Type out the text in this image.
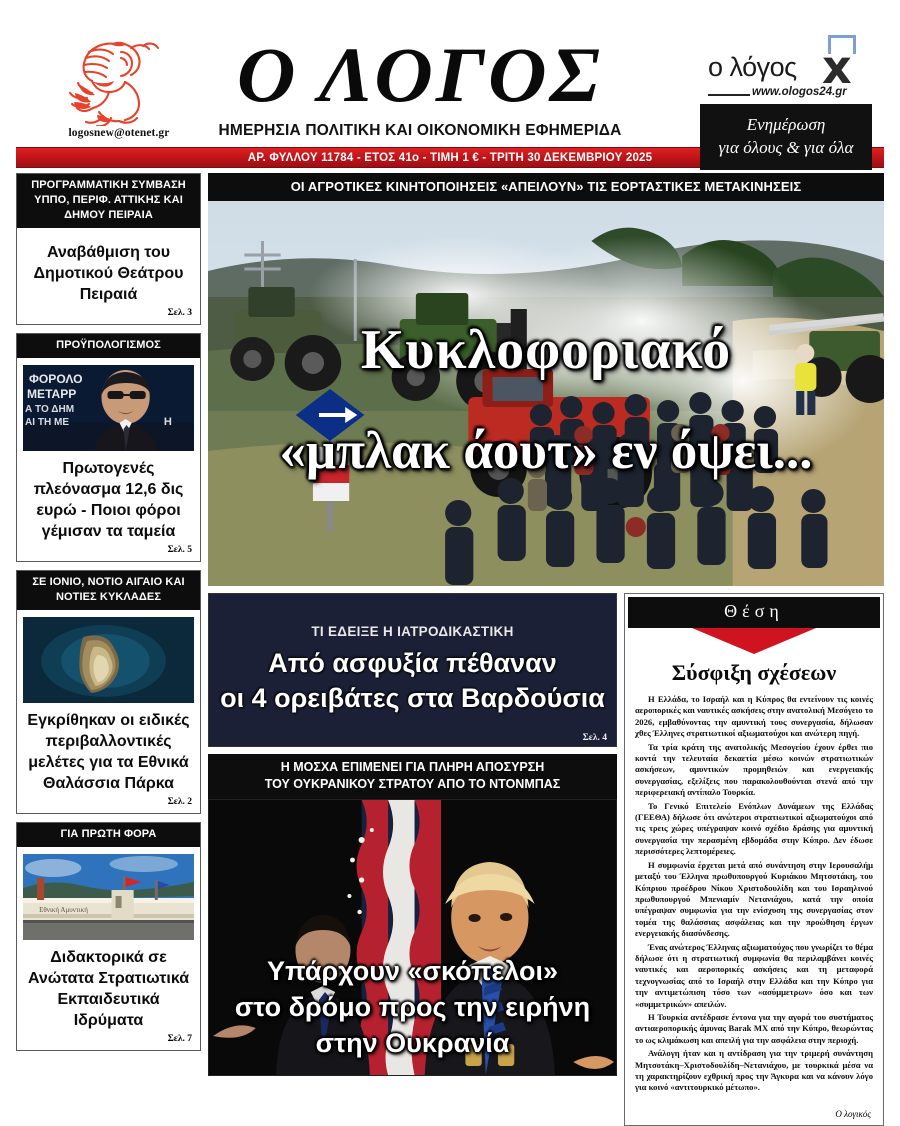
logosnew@otenet.gr
Ο ΛΟΓΟΣ
ΗΜΕΡΗΣΙΑ ΠΟΛΙΤΙΚΗ ΚΑΙ ΟΙΚΟΝΟΜΙΚΗ ΕΦΗΜΕΡΙΔΑ
ο λόγος x
www.ologos24.gr
Ενημέρωση
για όλους & για όλα
ΑΡ. ΦΥΛΛΟΥ 11784 - ΕΤΟΣ 41ο - ΤΙΜΗ 1 € - ΤΡΙΤΗ 30 ΔΕΚΕΜΒΡΙΟΥ 2025
ΠΡΟΓΡΑΜΜΑΤΙΚΗ ΣΥΜΒΑΣΗ ΥΠΠΟ, ΠΕΡΙΦ. ΑΤΤΙΚΗΣ ΚΑΙ ΔΗΜΟΥ ΠΕΙΡΑΙΑ
Αναβάθμιση του Δημοτικού Θεάτρου Πειραιά
Σελ. 3
ΠΡΟΫΠΟΛΟΓΙΣΜΟΣ
ΦΟΡΟΛΟ
ΜΕΤΑΡΡ
Α ΤΟ ΔΗΜ
ΑΙ ΤΗ ΜΕ	Η
Πρωτογενές πλεόνασμα 12,6 δις ευρώ - Ποιοι φόροι γέμισαν τα ταμεία
Σελ. 5
ΣΕ ΙΟΝΙΟ, ΝΟΤΙΟ ΑΙΓΑΙΟ ΚΑΙ ΝΟΤΙΕΣ ΚΥΚΛΑΔΕΣ
Εγκρίθηκαν οι ειδικές περιβαλλοντικές μελέτες για τα Εθνικά Θαλάσσια Πάρκα
Σελ. 2
ΓΙΑ ΠΡΩΤΗ ΦΟΡΑ
Εθνική Αμυντική
Διδακτορικά σε Ανώτατα Στρατιωτικά Εκπαιδευτικά Ιδρύματα
Σελ. 7
ΟΙ ΑΓΡΟΤΙΚΕΣ ΚΙΝΗΤΟΠΟΙΗΣΕΙΣ «ΑΠΕΙΛΟΥΝ» ΤΙΣ ΕΟΡΤΑΣΤΙΚΕΣ ΜΕΤΑΚΙΝΗΣΕΙΣ
Κυκλοφοριακό
«μπλακ άουτ» εν όψει...
ΤΙ ΕΔΕΙΞΕ Η ΙΑΤΡΟΔΙΚΑΣΤΙΚΗ
Από ασφυξία πέθαναν
οι 4 ορειβάτες στα Βαρδούσια
Σελ. 4
Η ΜΟΣΧΑ ΕΠΙΜΕΝΕΙ ΓΙΑ ΠΛΗΡΗ ΑΠΟΣΥΡΣΗ
ΤΟΥ ΟΥΚΡΑΝΙΚΟΥ ΣΤΡΑΤΟΥ ΑΠΟ ΤΟ ΝΤΟΝΜΠΑΣ
Υπάρχουν «σκόπελοι»
στο δρόμο προς την ειρήνη
στην Ουκρανία
Θέση
Σύσφιξη σχέσεων

Η Ελλάδα, το Ισραήλ και η Κύπρος θα εντείνουν τις κοινές αεροπορικές και ναυτικές ασκήσεις στην ανατολική Μεσόγειο το 2026, εμβαθύνοντας την αμυντική τους συνεργασία, δήλωσαν χθες Έλληνες στρατιωτικοί αξιωματούχοι και ανώτερη πηγή.

Τα τρία κράτη της ανατολικής Μεσογείου έχουν έρθει πιο κοντά την τελευταία δεκαετία μέσω κοινών στρατιωτικών ασκήσεων, αμυντικών προμηθειών και ενεργειακής συνεργασίας, εξελίξεις που παρακολουθούνται στενά από την περιφερειακή αντίπαλο Τουρκία.

Το Γενικό Επιτελείο Ενόπλων Δυνάμεων της Ελλάδας (ΓΕΕΘΑ) δήλωσε ότι ανώτεροι στρατιωτικοί αξιωματούχοι από τις τρεις χώρες υπέγραψαν κοινό σχέδιο δράσης για αμυντική συνεργασία την περασμένη εβδομάδα στην Κύπρο. Δεν έδωσε περισσότερες λεπτομέρειες.

Η συμφωνία έρχεται μετά από συνάντηση στην Ιερουσαλήμ μεταξύ του Έλληνα πρωθυπουργού Κυριάκου Μητσοτάκη, του Κύπριου προέδρου Νίκου Χριστοδουλίδη και του Ισραηλινού πρωθυπουργού Μπενιαμίν Νετανιάχου, κατά την οποία υπέγραψαν συμφωνία για την ενίσχυση της συνεργασίας στον τομέα της θαλάσσιας ασφάλειας και την προώθηση έργων ενεργειακής διασύνδεσης.

Ένας ανώτερος Έλληνας αξιωματούχος που γνωρίζει το θέμα δήλωσε ότι η στρατιωτική συμφωνία θα περιλαμβάνει κοινές ναυτικές και αεροπορικές ασκήσεις και τη μεταφορά τεχνογνωσίας από το Ισραήλ στην Ελλάδα και την Κύπρο για την αντιμετώπιση τόσο των «ασύμμετρων» όσο και των «συμμετρικών» απειλών.

Η Τουρκία αντέδρασε έντονα για την αγορά του συστήματος αντιαεροπορικής άμυνας Barak MX από την Κύπρο, θεωρώντας το ως κλιμάκωση και απειλή για την ασφάλεια στην περιοχή.

Ανάλογη ήταν και η αντίδραση για την τριμερή συνάντηση Μητσοτάκη–Χριστοδουλίδη–Νετανιάχου, με τουρκικά μέσα να τη χαρακτηρίζουν εχθρική προς την Άγκυρα και να κάνουν λόγο για κοινό «αντιτουρκικό μέτωπο».

Ο λογικός
